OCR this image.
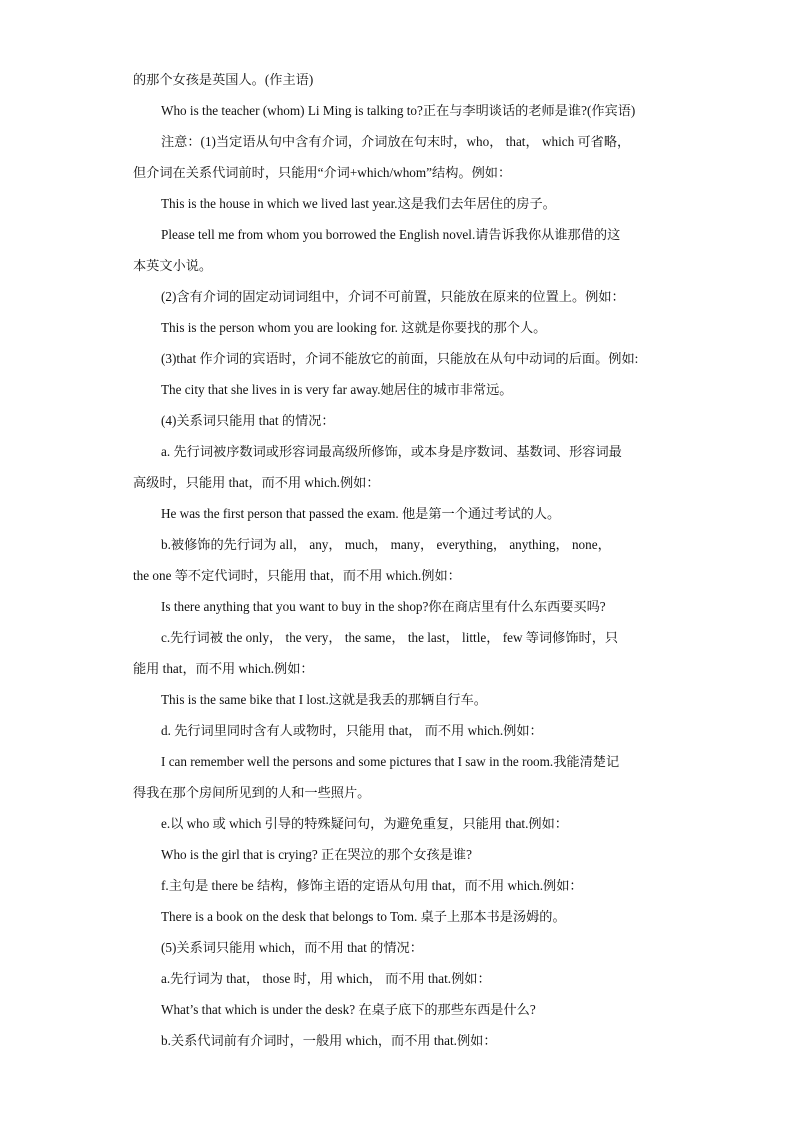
的那个女孩是英国人。(作主语)
Who is the teacher (whom) Li Ming is talking to?正在与李明谈话的老师是谁?(作宾语)
注意：(1)当定语从句中含有介词，介词放在句末时，who， that， which 可省略，
但介词在关系代词前时，只能用“介词+which/whom”结构。例如：
This is the house in which we lived last year.这是我们去年居住的房子。
Please tell me from whom you borrowed the English novel.请告诉我你从谁那借的这
本英文小说。
(2)含有介词的固定动词词组中，介词不可前置，只能放在原来的位置上。例如：
This is the person whom you are looking for. 这就是你要找的那个人。
(3)that 作介词的宾语时，介词不能放它的前面，只能放在从句中动词的后面。例如:
The city that she lives in is very far away.她居住的城市非常远。
(4)关系词只能用 that 的情况：
a. 先行词被序数词或形容词最高级所修饰，或本身是序数词、基数词、形容词最
高级时，只能用 that，而不用 which.例如：
He was the first person that passed the exam. 他是第一个通过考试的人。
b.被修饰的先行词为 all， any， much， many， everything， anything， none，
the one 等不定代词时，只能用 that，而不用 which.例如：
Is there anything that you want to buy in the shop?你在商店里有什么东西要买吗?
c.先行词被 the only， the very， the same， the last， little， few 等词修饰时，只
能用 that，而不用 which.例如：
This is the same bike that I lost.这就是我丢的那辆自行车。
d. 先行词里同时含有人或物时，只能用 that， 而不用 which.例如：
I can remember well the persons and some pictures that I saw in the room.我能清楚记
得我在那个房间所见到的人和一些照片。
e.以 who 或 which 引导的特殊疑问句，为避免重复，只能用 that.例如：
Who is the girl that is crying? 正在哭泣的那个女孩是谁?
f.主句是 there be 结构，修饰主语的定语从句用 that，而不用 which.例如：
There is a book on the desk that belongs to Tom. 桌子上那本书是汤姆的。
(5)关系词只能用 which，而不用 that 的情况：
a.先行词为 that， those 时，用 which， 而不用 that.例如：
What’s that which is under the desk? 在桌子底下的那些东西是什么?
b.关系代词前有介词时，一般用 which，而不用 that.例如：
